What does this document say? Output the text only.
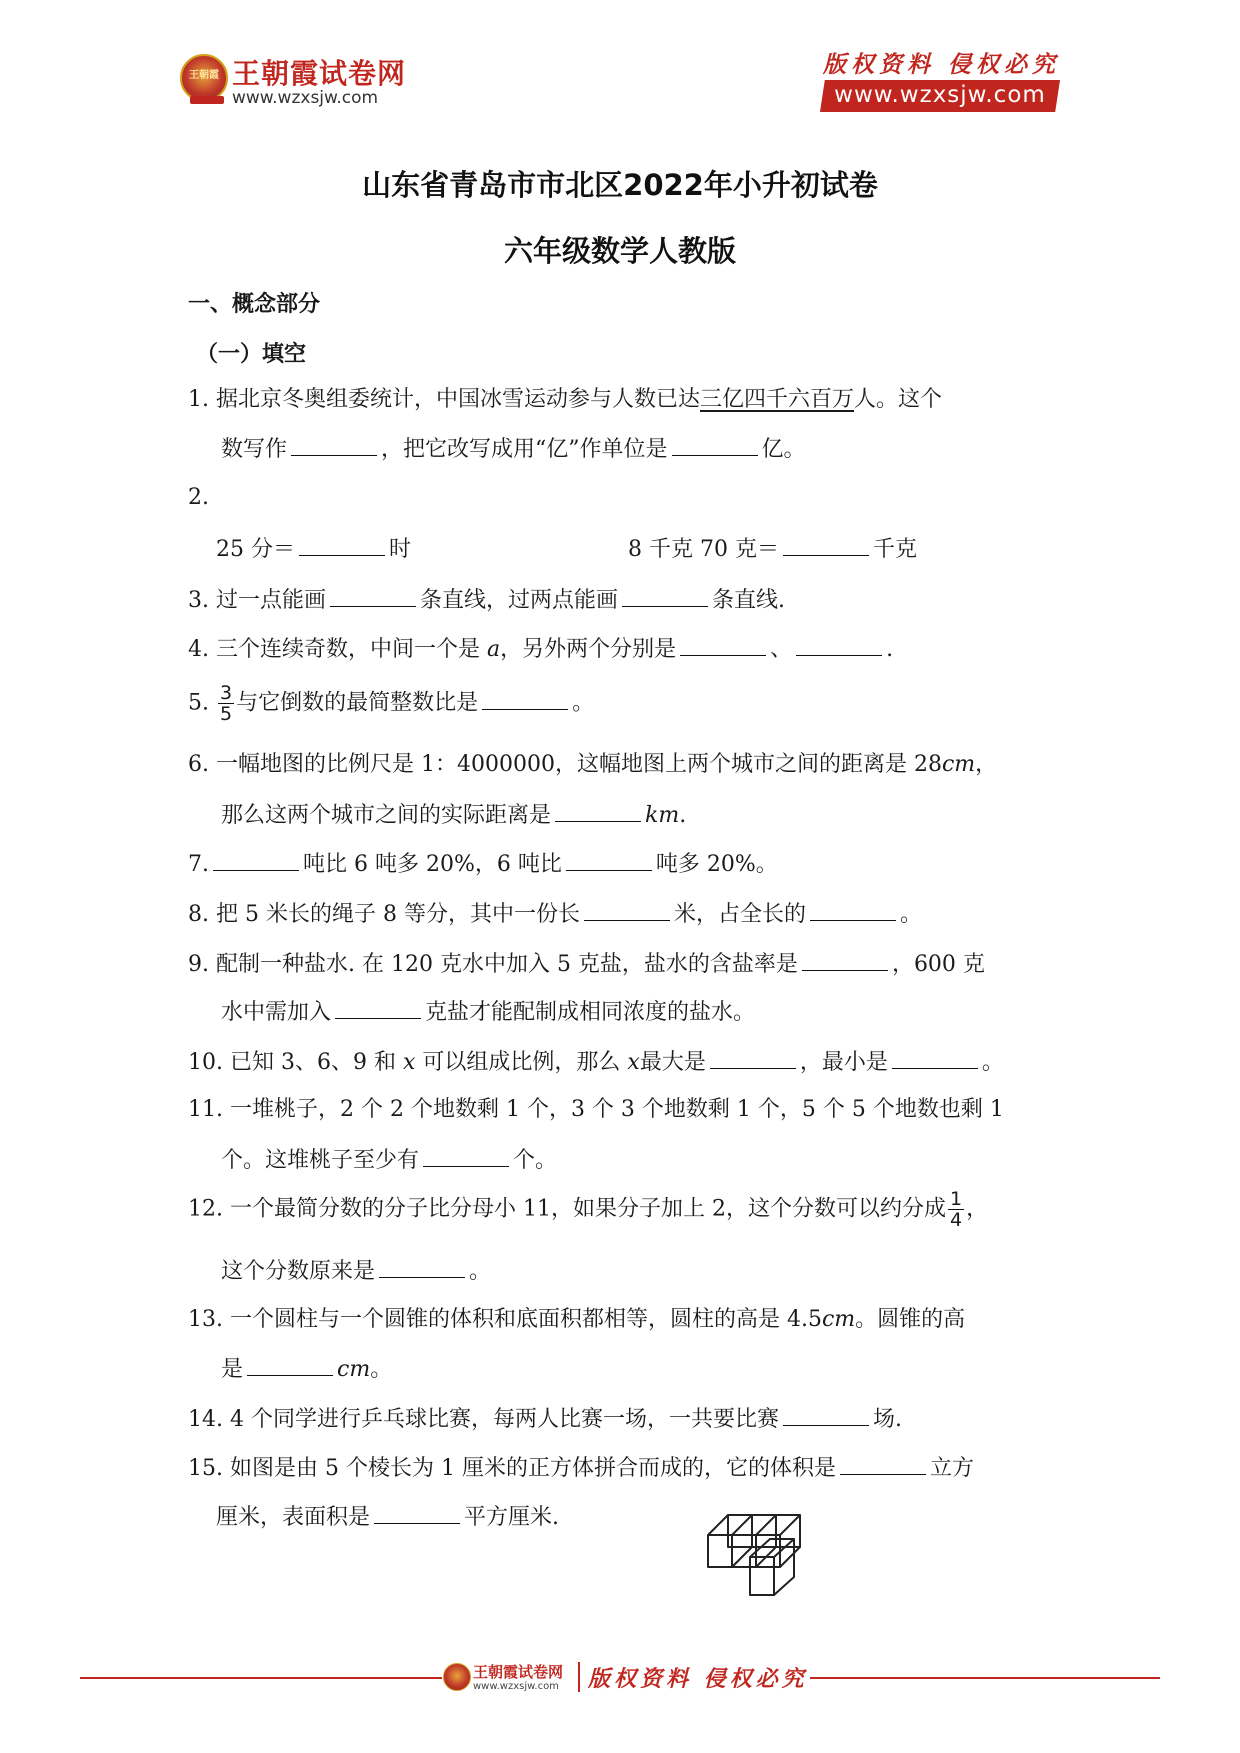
王朝霞 王朝霞试卷网
www.wzxsjw.com
版权资料 侵权必究
www.wzxsjw.com
山东省青岛市市北区2022年小升初试卷
六年级数学人教版
一、概念部分
（一）填空
1. 据北京冬奥组委统计，中国冰雪运动参与人数已达三亿四千六百万人。这个
数写作	，把它改写成用“亿”作单位是	亿。
2.
25 分＝	时	8 千克 70 克＝	千克
3. 过一点能画	条直线，过两点能画	条直线.
4. 三个连续奇数，中间一个是 a，另外两个分别是	、	.
5. $\frac{3}{5}$ 与它倒数的最简整数比是	。
6. 一幅地图的比例尺是 1：4000000，这幅地图上两个城市之间的距离是 28cm，
那么这两个城市之间的实际距离是	km.
7.	吨比 6 吨多 20%，6 吨比	吨多 20%。
8. 把 5 米长的绳子 8 等分，其中一份长	米，占全长的	。
9. 配制一种盐水. 在 120 克水中加入 5 克盐，盐水的含盐率是	，600 克
水中需加入	克盐才能配制成相同浓度的盐水。
10. 已知 3、6、9 和 x 可以组成比例，那么 x最大是	，最小是	。
11. 一堆桃子，2 个 2 个地数剩 1 个，3 个 3 个地数剩 1 个，5 个 5 个地数也剩 1
个。这堆桃子至少有	个。
12. 一个最简分数的分子比分母小 11，如果分子加上 2，这个分数可以约分成 $\frac{1}{4}$ ，
这个分数原来是	。
13. 一个圆柱与一个圆锥的体积和底面积都相等，圆柱的高是 4.5cm。圆锥的高
是	cm。
14. 4 个同学进行乒乓球比赛，每两人比赛一场，一共要比赛	场.
15. 如图是由 5 个棱长为 1 厘米的正方体拼合而成的，它的体积是	立方
厘米，表面积是	平方厘米.
王朝霞试卷网
www.wzxsjw.com 版权资料 侵权必究
